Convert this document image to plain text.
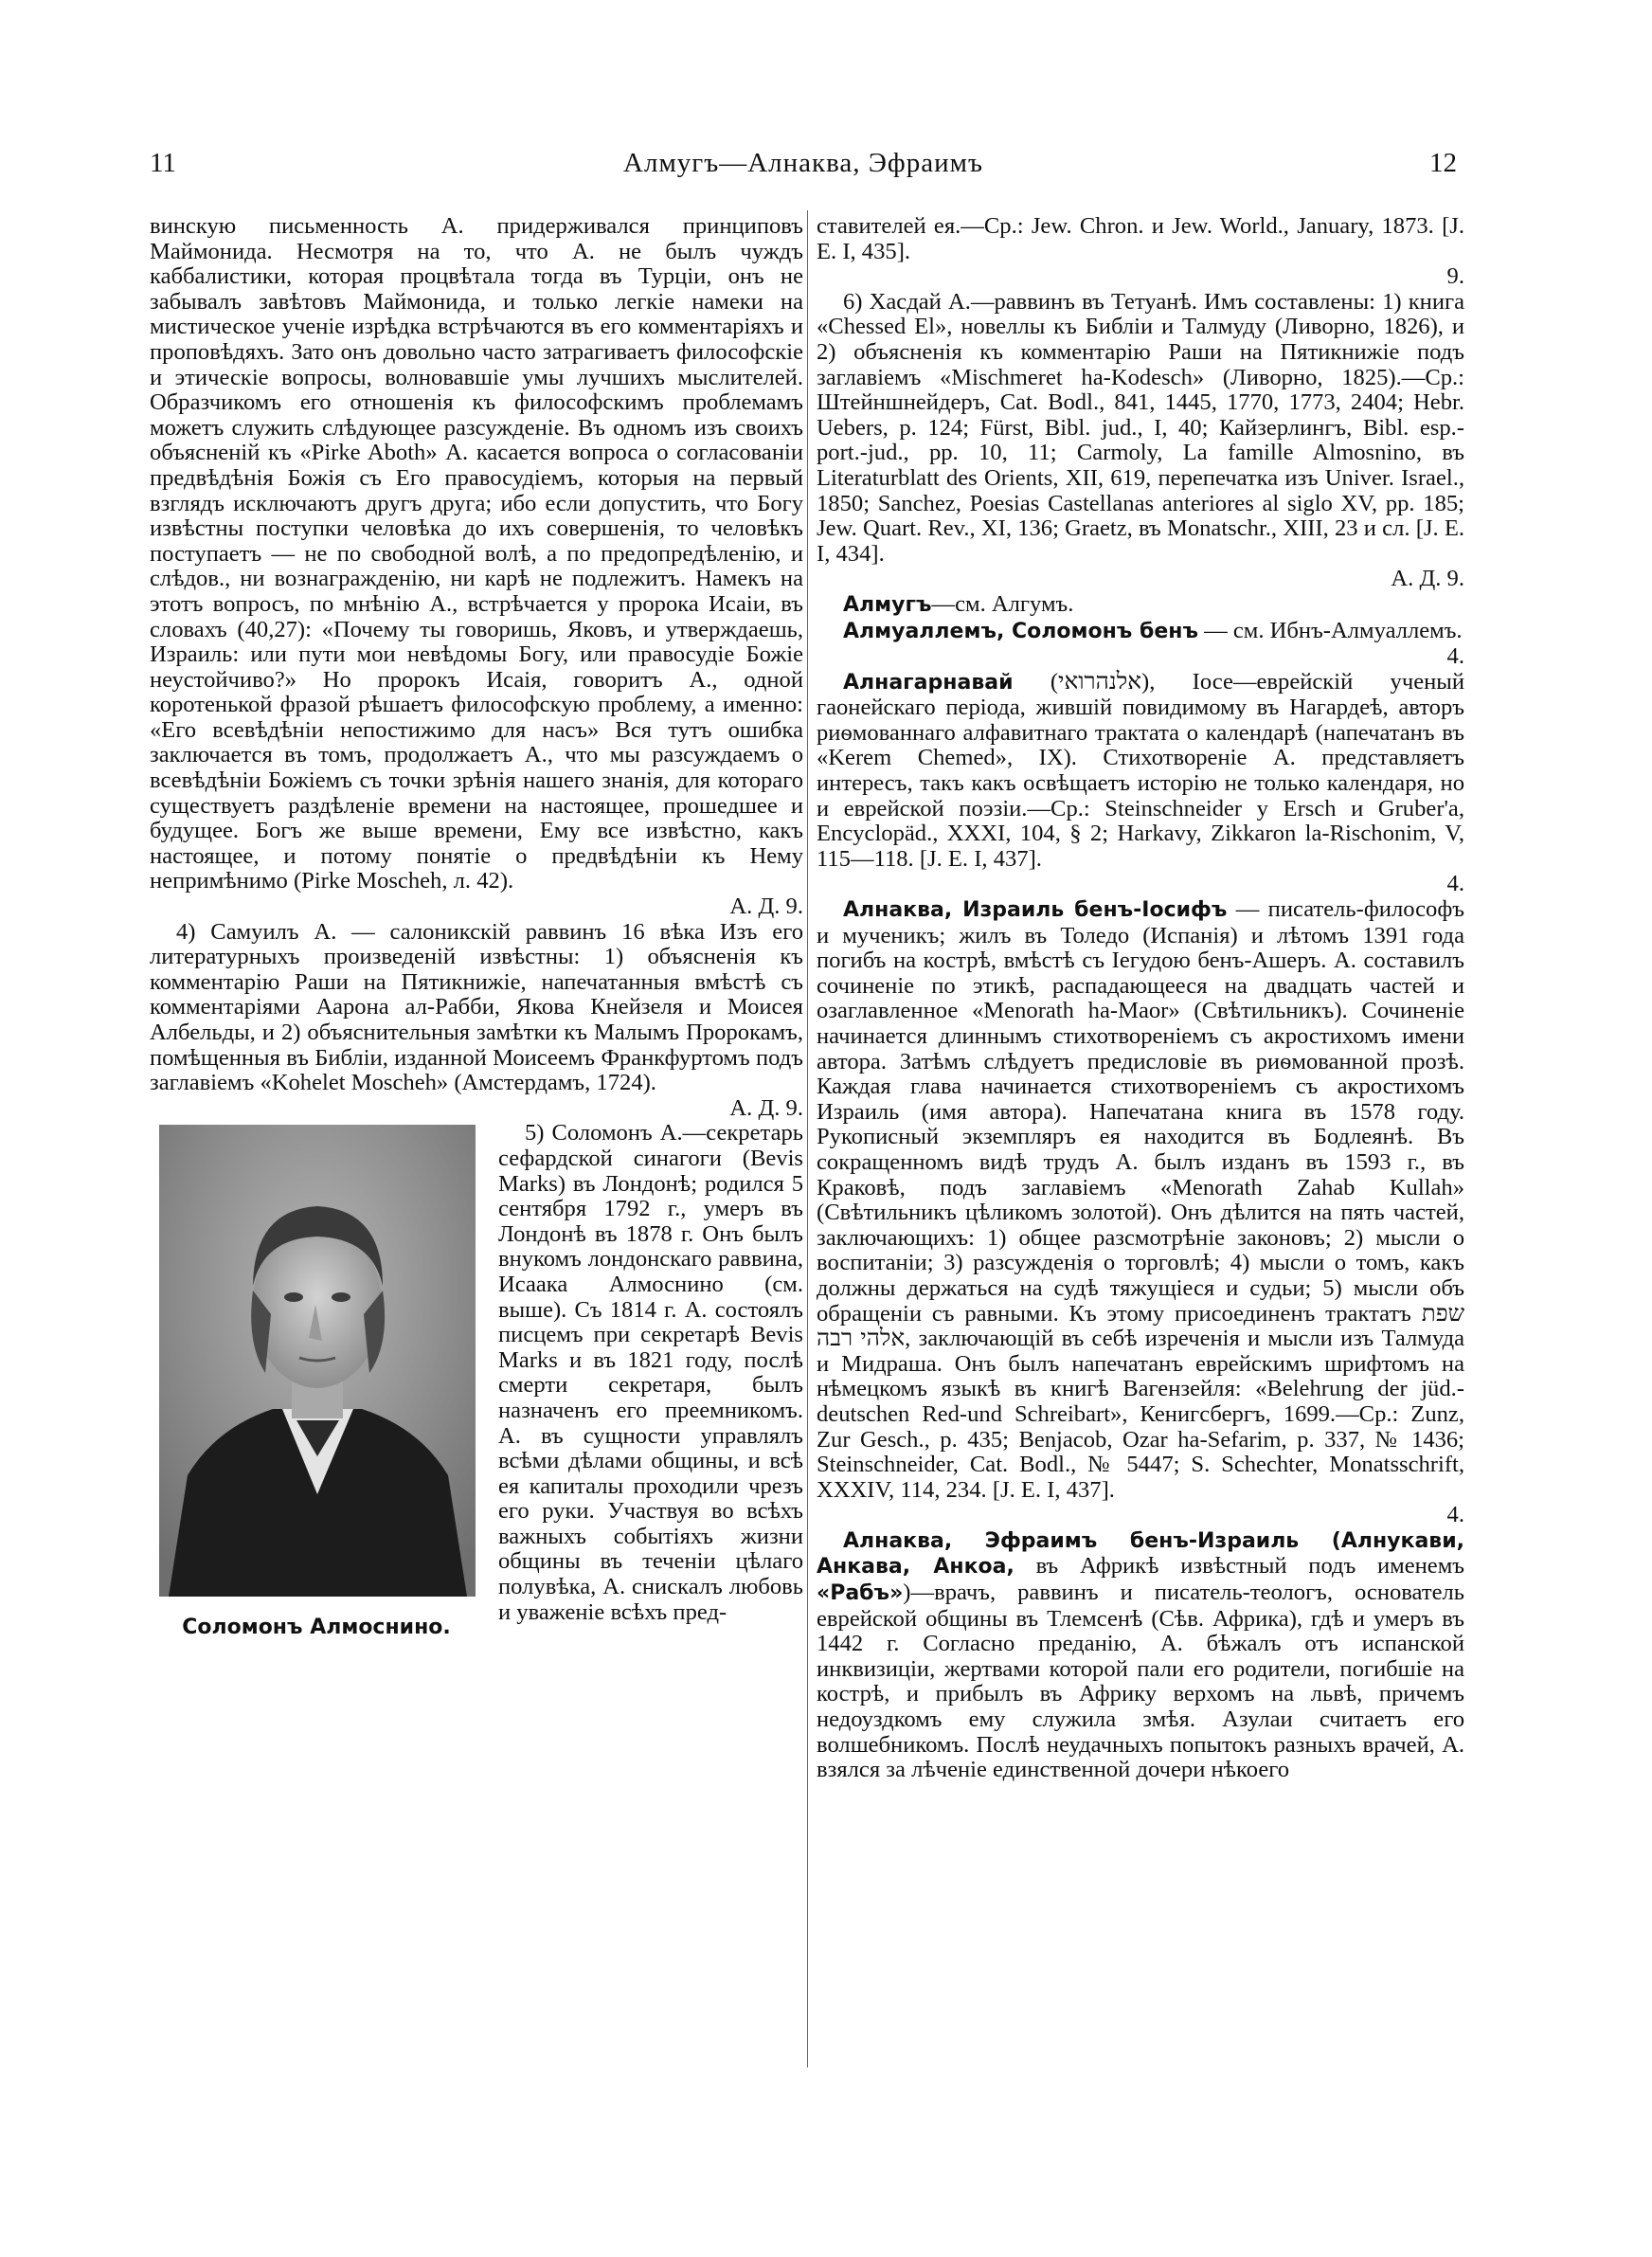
11	Алмугъ—Алнаква, Эфраимъ	12

винскую письменность А. придерживался принциповъ Маймонида. Несмотря на то, что А. не былъ чуждъ каббалистики, которая процвѣтала тогда въ Турціи, онъ не забывалъ завѣтовъ Маймонида, и только легкіе намеки на мистическое ученіе изрѣдка встрѣчаются въ его комментаріяхъ и проповѣдяхъ. Зато онъ довольно часто затрагиваетъ философскіе и этическіе вопросы, волновавшіе умы лучшихъ мыслителей. Образчикомъ его отношенія къ философскимъ проблемамъ можетъ служить слѣдующее разсужденіе. Въ одномъ изъ своихъ объясненій къ «Pirke Aboth» А. касается вопроса о согласованіи предвѣдѣнія Божія съ Его правосудіемъ, которыя на первый взглядъ исключаютъ другъ друга; ибо если допустить, что Богу извѣстны поступки человѣка до ихъ совершенія, то человѣкъ поступаетъ — не по свободной волѣ, а по предопредѣленію, и слѣдов., ни вознагражденію, ни карѣ не подлежитъ. Намекъ на этотъ вопросъ, по мнѣнію А., встрѣчается у пророка Исаіи, въ словахъ (40,27): «Почему ты говоришь, Яковъ, и утверждаешь, Израиль: или пути мои невѣдомы Богу, или правосудіе Божіе неустойчиво?» Но пророкъ Исаія, говоритъ А., одной коротенькой фразой рѣшаетъ философскую проблему, а именно: «Его всевѣдѣніи непостижимо для насъ» Вся тутъ ошибка заключается въ томъ, продолжаетъ А., что мы разсуждаемъ о всевѣдѣніи Божіемъ съ точки зрѣнія нашего знанія, для котораго существуетъ раздѣленіе времени на настоящее, прошедшее и будущее. Богъ же выше времени, Ему все извѣстно, какъ настоящее, и потому понятіе о предвѣдѣніи къ Нему непримѣнимо (Pirke Moscheh, л. 42).

А. Д. 9.

4) Самуилъ А. — салоникскій раввинъ 16 вѣка Изъ его литературныхъ произведеній извѣстны: 1) объясненія къ комментарію Раши на Пятикнижіе, напечатанныя вмѣстѣ съ комментаріями Аарона ал-Рабби, Якова Кнейзеля и Моисея Албельды, и 2) объяснительныя замѣтки къ Малымъ Пророкамъ, помѣщенныя въ Библіи, изданной Моисеемъ Франкфуртомъ подъ заглавіемъ «Kohelet Moscheh» (Амстердамъ, 1724).

А. Д. 9.
Соломонъ Алмоснино.

5) Соломонъ А.—секретарь сефардской синагоги (Bevis Marks) въ Лондонѣ; родился 5 сентября 1792 г., умеръ въ Лондонѣ въ 1878 г. Онъ былъ внукомъ лондонскаго раввина, Исаака Алмоснино (см. выше). Съ 1814 г. А. состоялъ писцемъ при секретарѣ Bevis Marks и въ 1821 году, послѣ смерти секретаря, былъ назначенъ его преемникомъ. А. въ сущности управлялъ всѣми дѣлами общины, и всѣ ея капиталы проходили чрезъ его руки. Участвуя во всѣхъ важныхъ событіяхъ жизни общины въ теченіи цѣлаго полувѣка, А. снискалъ любовь и уваженіе всѣхъ пред-

ставителей ея.—Ср.: Jew. Chron. и Jew. World., January, 1873. [J. E. I, 435].

9.

6) Хасдай А.—раввинъ въ Тетуанѣ. Имъ составлены: 1) книга «Chessed El», новеллы къ Библіи и Талмуду (Ливорно, 1826), и 2) объясненія къ комментарію Раши на Пятикнижіе подъ заглавіемъ «Mischmeret ha-Kodesch» (Ливорно, 1825).—Ср.: Штейншнейдеръ, Cat. Bodl., 841, 1445, 1770, 1773, 2404; Hebr. Uebers, p. 124; Fürst, Bibl. jud., I, 40; Кайзерлингъ, Bibl. esp.-port.-jud., pp. 10, 11; Carmoly, La famille Almosnino, въ Literaturblatt des Orients, XII, 619, перепечатка изъ Univer. Israel., 1850; Sanchez, Poesias Castellanas anteriores al siglo XV, pp. 185; Jew. Quart. Rev., XI, 136; Graetz, въ Monatschr., XIII, 23 и сл. [J. E. I, 434].

А. Д. 9.

Алмугъ—см. Алгумъ.

Алмуаллемъ, Соломонъ бенъ — см. Ибнъ-Алмуаллемъ.

4.

Алнагарнавай (אלנהרואי), Іосе—еврейскій ученый гаонейскаго періода, жившій повидимому въ Нагардеѣ, авторъ риѳмованнаго алфавитнаго трактата о календарѣ (напечатанъ въ «Kerem Chemed», IX). Стихотвореніе А. представляетъ интересъ, такъ какъ освѣщаетъ исторію не только календаря, но и еврейской поэзіи.—Ср.: Steinschneider у Ersch и Gruber'a, Encyclopäd., XXXI, 104, § 2; Harkavy, Zikkaron la-Rischonim, V, 115—118. [J. E. I, 437].

4.

Алнаква, Израиль бенъ-Іосифъ — писатель-философъ и мученикъ; жилъ въ Толедо (Испанія) и лѣтомъ 1391 года погибъ на кострѣ, вмѣстѣ съ Іегудою бенъ-Ашеръ. А. составилъ сочиненіе по этикѣ, распадающееся на двадцать частей и озаглавленное «Menorath ha-Maor» (Свѣтильникъ). Сочиненіе начинается длиннымъ стихотвореніемъ съ акростихомъ имени автора. Затѣмъ слѣдуетъ предисловіе въ риѳмованной прозѣ. Каждая глава начинается стихотвореніемъ съ акростихомъ Израиль (имя автора). Напечатана книга въ 1578 году. Рукописный экземпляръ ея находится въ Бодлеянѣ. Въ сокращенномъ видѣ трудъ А. былъ изданъ въ 1593 г., въ Краковѣ, подъ заглавіемъ «Menorath Zahab Kullah» (Свѣтильникъ цѣликомъ золотой). Онъ дѣлится на пять частей, заключающихъ: 1) общее разсмотрѣніе законовъ; 2) мысли о воспитаніи; 3) разсужденія о торговлѣ; 4) мысли о томъ, какъ должны держаться на судѣ тяжущіеся и судьи; 5) мысли объ обращеніи съ равными. Къ этому присоединенъ трактатъ שפת אלהי רבה, заключающій въ себѣ изреченія и мысли изъ Талмуда и Мидраша. Онъ былъ напечатанъ еврейскимъ шрифтомъ на нѣмецкомъ языкѣ въ книгѣ Вагензейля: «Belehrung der jüd.-deutschen Red-und Schreibart», Кенигсбергъ, 1699.—Ср.: Zunz, Zur Gesch., p. 435; Benjacob, Ozar ha-Sefarim, p. 337, № 1436; Steinschneider, Cat. Bodl., № 5447; S. Schechter, Monatsschrift, XXXIV, 114, 234. [J. E. I, 437].

4.

Алнаква, Эфраимъ бенъ-Израиль (Алнукави, Анкава, Анкоа, въ Африкѣ извѣстный подъ именемъ «Рабъ»)—врачъ, раввинъ и писатель-теологъ, основатель еврейской общины въ Тлемсенѣ (Сѣв. Африка), гдѣ и умеръ въ 1442 г. Согласно преданію, А. бѣжалъ отъ испанской инквизиціи, жертвами которой пали его родители, погибшіе на кострѣ, и прибылъ въ Африку верхомъ на львѣ, причемъ недоуздкомъ ему служила змѣя. Азулаи считаетъ его волшебникомъ. Послѣ неудачныхъ попытокъ разныхъ врачей, А. взялся за лѣченіе единственной дочери нѣкоего
